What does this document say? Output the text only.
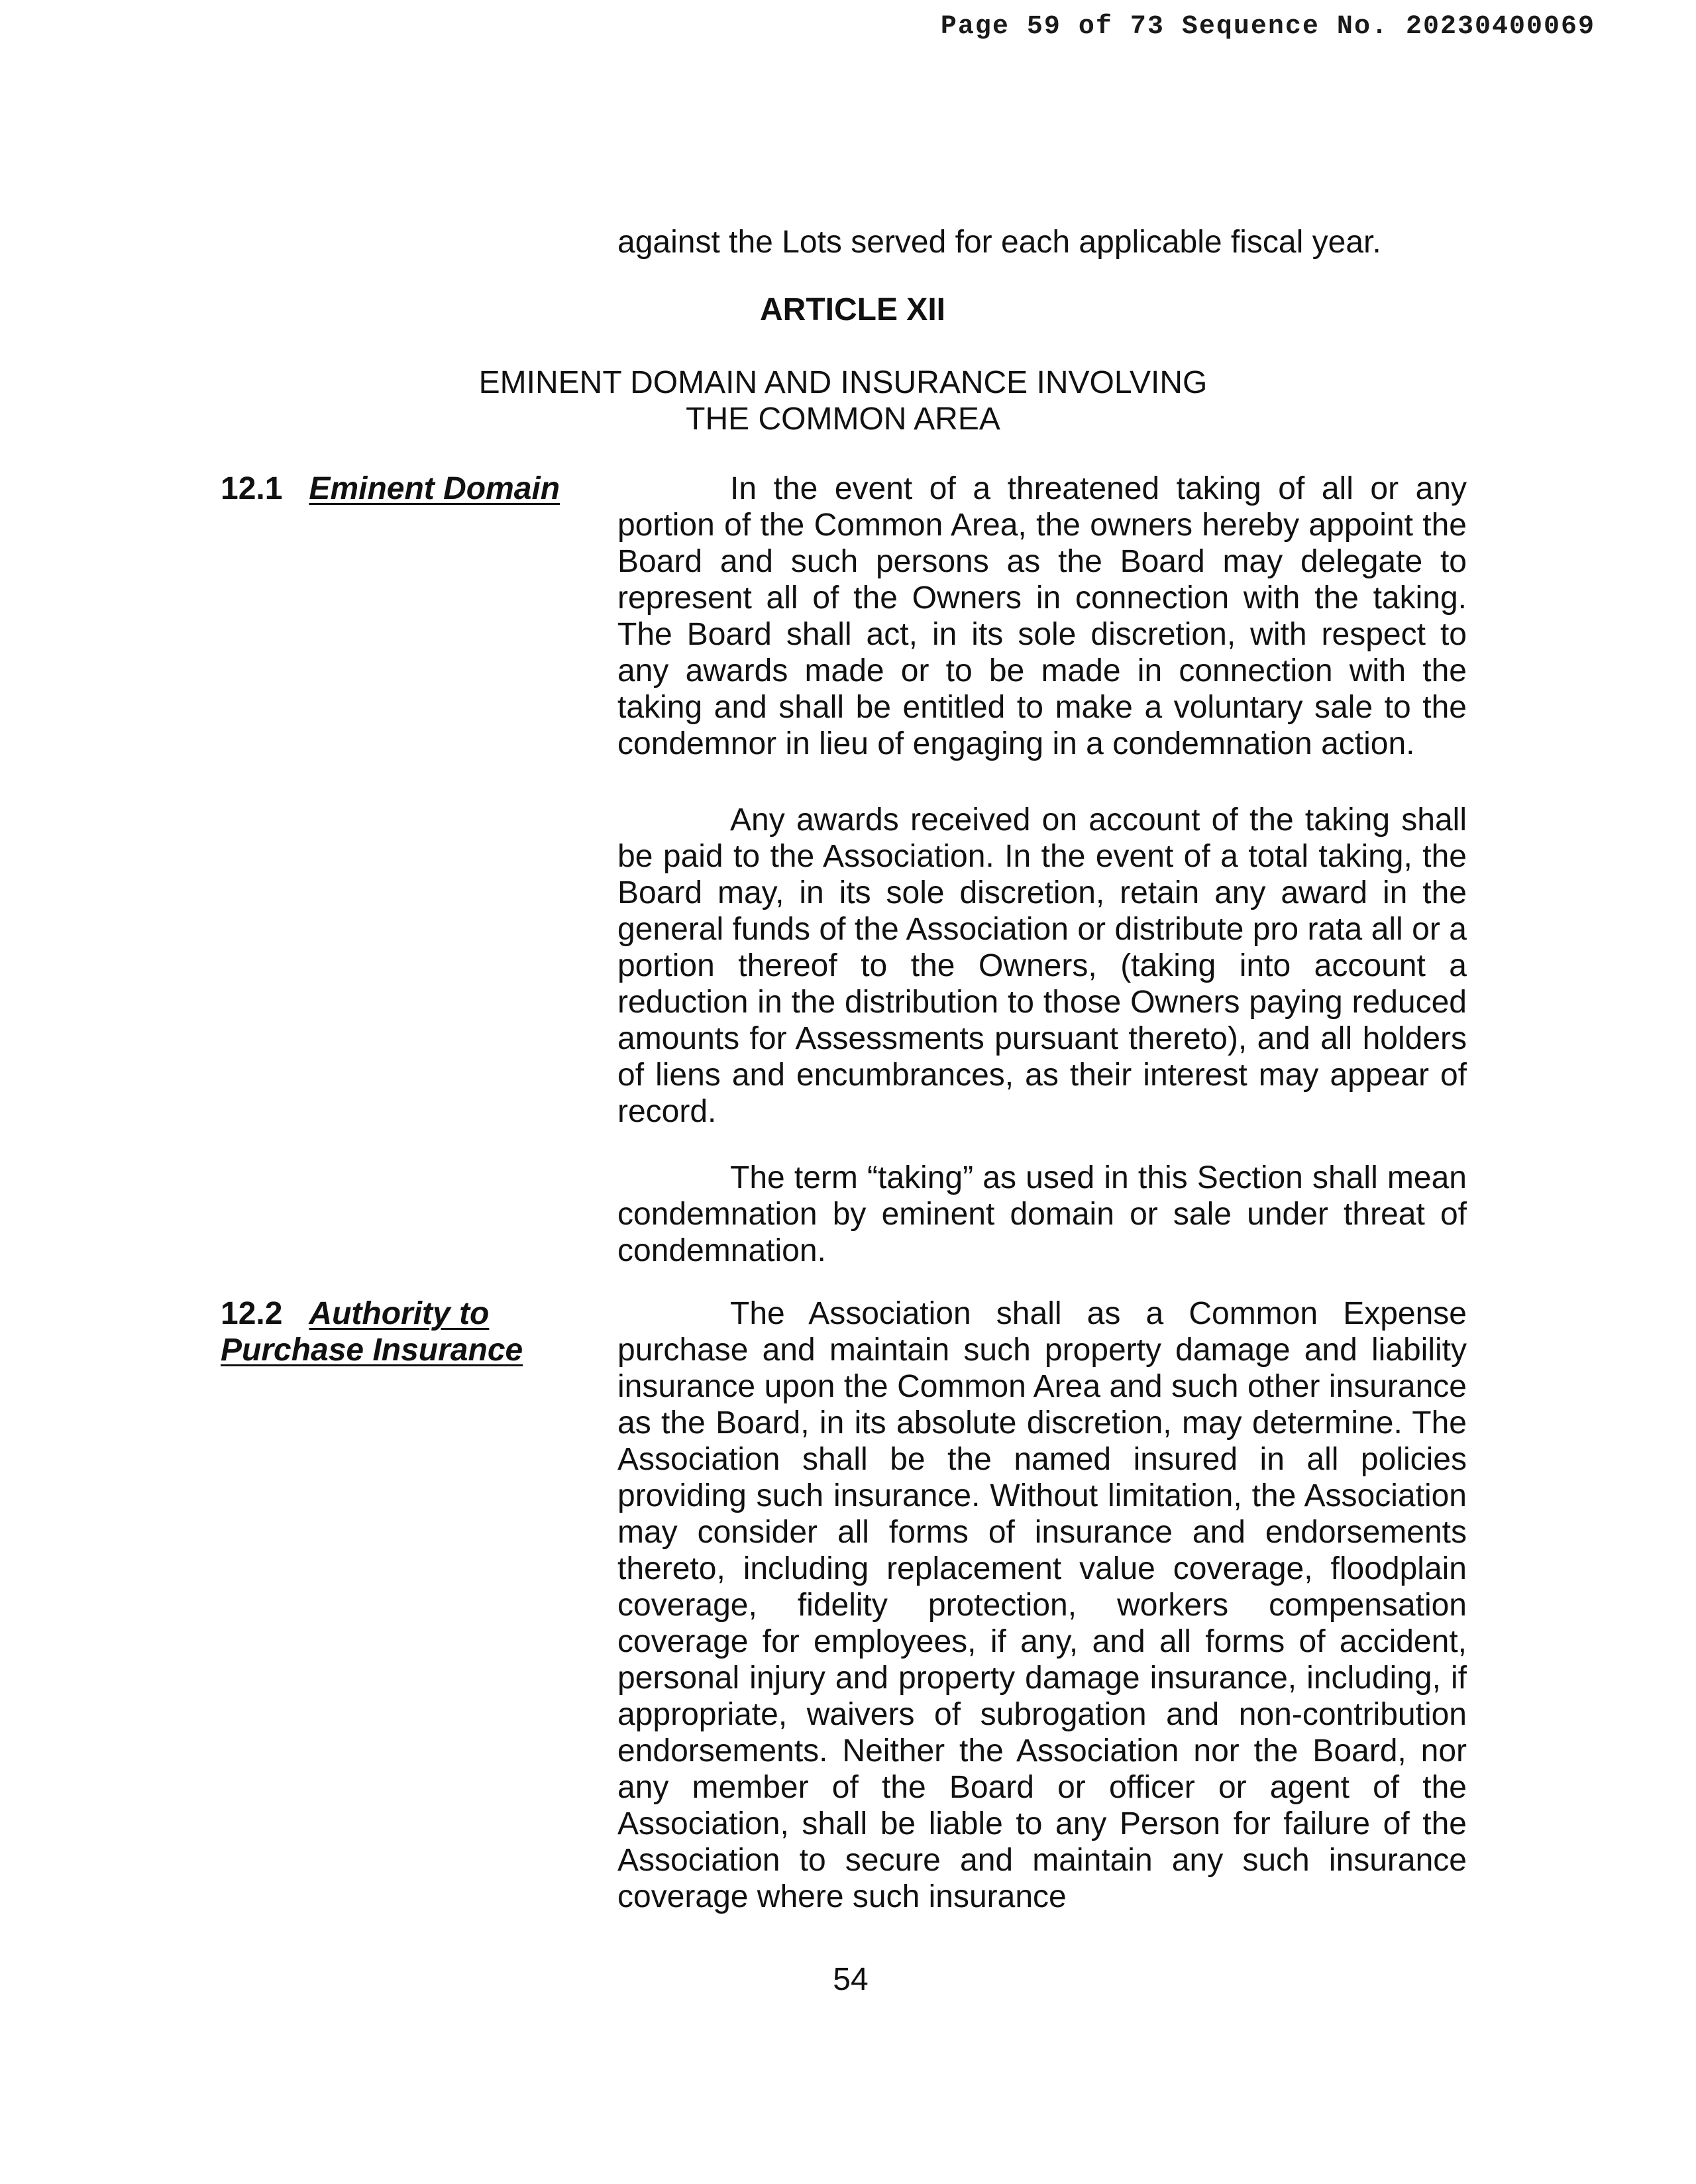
Page 59 of 73 Sequence No. 20230400069
against the Lots served for each applicable fiscal year.
ARTICLE XII
EMINENT DOMAIN AND INSURANCE INVOLVING
THE COMMON AREA
12.1 Eminent Domain	In the event of a threatened taking of all or any portion of the Common Area, the owners hereby appoint the Board and such persons as the Board may delegate to represent all of the Owners in connection with the taking. The Board shall act, in its sole discretion, with respect to any awards made or to be made in connection with the taking and shall be entitled to make a voluntary sale to the condemnor in lieu of engaging in a condemnation action.

Any awards received on account of the taking shall be paid to the Association. In the event of a total taking, the Board may, in its sole discretion, retain any award in the general funds of the Association or distribute pro rata all or a portion thereof to the Owners, (taking into account a reduction in the distribution to those Owners paying reduced amounts for Assessments pursuant thereto), and all holders of liens and encumbrances, as their interest may appear of record.

The term “taking” as used in this Section shall mean condemnation by eminent domain or sale under threat of condemnation.

12.2 Authority to
Purchase Insurance

The Association shall as a Common Expense purchase and maintain such property damage and liability insurance upon the Common Area and such other insurance as the Board, in its absolute discretion, may determine. The Association shall be the named insured in all policies providing such insurance. Without limitation, the Association may consider all forms of insurance and endorsements thereto, including replacement value coverage, floodplain coverage, fidelity protection, workers compensation coverage for employees, if any, and all forms of accident, personal injury and property damage insurance, including, if appropriate, waivers of subrogation and non-contribution endorsements. Neither the Association nor the Board, nor any member of the Board or officer or agent of the Association, shall be liable to any Person for failure of the Association to secure and maintain any such insurance coverage where such insurance

54
